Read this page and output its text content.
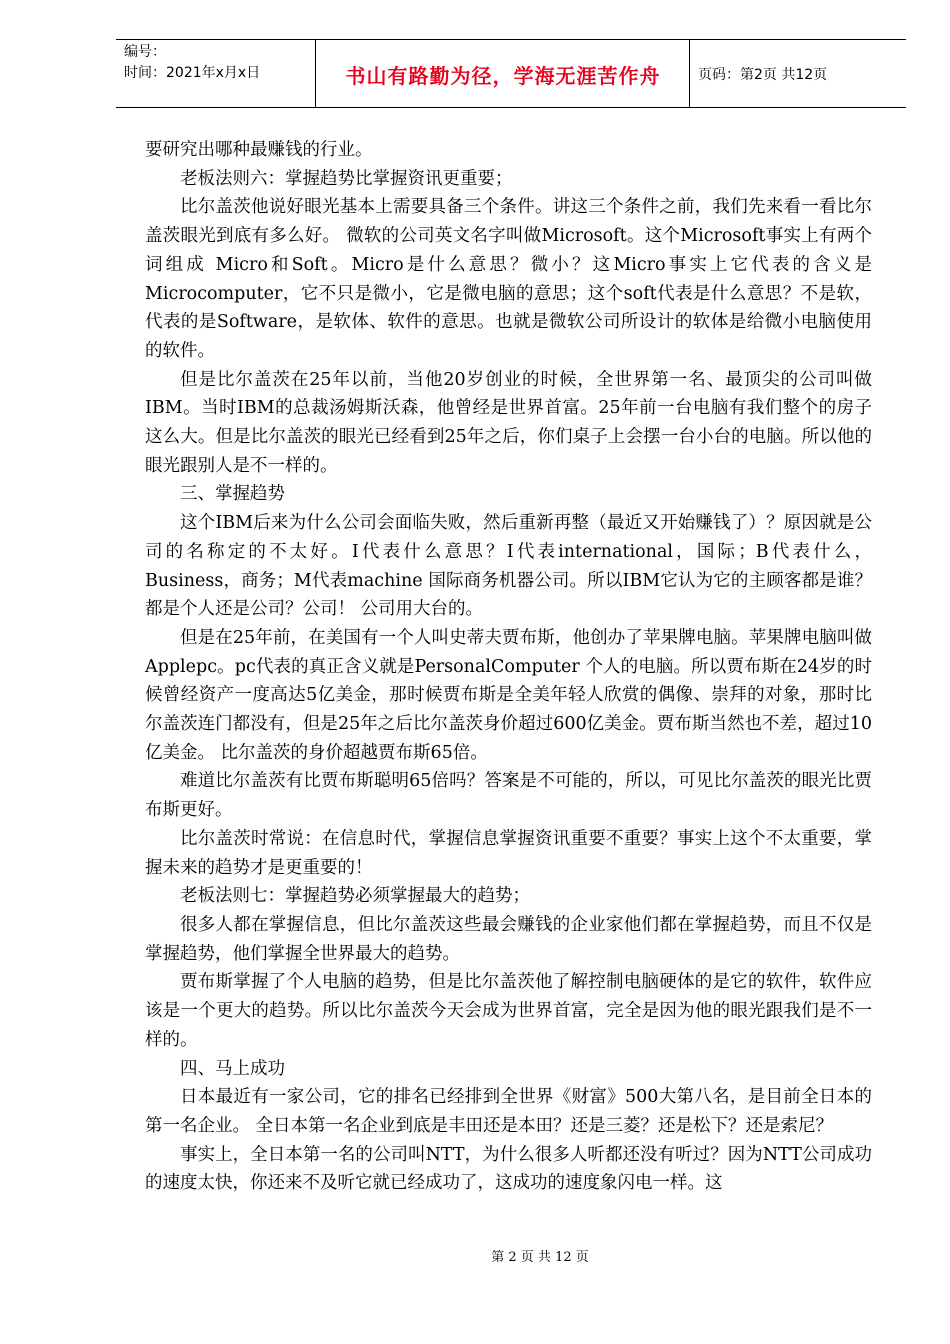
编号：
时间：2021年x月x日	书山有路勤为径，学海无涯苦作舟	页码：第2页 共12页

要研究出哪种最赚钱的行业。

老板法则六：掌握趋势比掌握资讯更重要；

比尔盖茨他说好眼光基本上需要具备三个条件。讲这三个条件之前，我们先来看一看比尔盖茨眼光到底有多么好。 微软的公司英文名字叫做Microsoft。这个Microsoft事实上有两个词组成 Micro和Soft。Micro是什么意思？微小？这Micro事实上它代表的含义是Microcomputer，它不只是微小，它是微电脑的意思；这个soft代表是什么意思？不是软，代表的是Software，是软体、软件的意思。也就是微软公司所设计的软体是给微小电脑使用的软件。

但是比尔盖茨在25年以前，当他20岁创业的时候，全世界第一名、最顶尖的公司叫做IBM。当时IBM的总裁汤姆斯沃森，他曾经是世界首富。25年前一台电脑有我们整个的房子这么大。但是比尔盖茨的眼光已经看到25年之后，你们桌子上会摆一台小台的电脑。所以他的眼光跟别人是不一样的。

三、掌握趋势

这个IBM后来为什么公司会面临失败，然后重新再整（最近又开始赚钱了）？原因就是公司的名称定的不太好。I代表什么意思？I代表international，国际；B代表什么，Business，商务；M代表machine 国际商务机器公司。所以IBM它认为它的主顾客都是谁？都是个人还是公司？公司！ 公司用大台的。

但是在25年前，在美国有一个人叫史蒂夫贾布斯，他创办了苹果牌电脑。苹果牌电脑叫做Applepc。pc代表的真正含义就是PersonalComputer 个人的电脑。所以贾布斯在24岁的时候曾经资产一度高达5亿美金，那时候贾布斯是全美年轻人欣赏的偶像、崇拜的对象，那时比尔盖茨连门都没有，但是25年之后比尔盖茨身价超过600亿美金。贾布斯当然也不差，超过10亿美金。 比尔盖茨的身价超越贾布斯65倍。

难道比尔盖茨有比贾布斯聪明65倍吗？答案是不可能的，所以，可见比尔盖茨的眼光比贾布斯更好。

比尔盖茨时常说：在信息时代，掌握信息掌握资讯重要不重要？事实上这个不太重要，掌握未来的趋势才是更重要的！

老板法则七：掌握趋势必须掌握最大的趋势；

很多人都在掌握信息，但比尔盖茨这些最会赚钱的企业家他们都在掌握趋势，而且不仅是掌握趋势，他们掌握全世界最大的趋势。

贾布斯掌握了个人电脑的趋势，但是比尔盖茨他了解控制电脑硬体的是它的软件，软件应该是一个更大的趋势。所以比尔盖茨今天会成为世界首富，完全是因为他的眼光跟我们是不一样的。

四、马上成功

日本最近有一家公司，它的排名已经排到全世界《财富》500大第八名，是目前全日本的第一名企业。 全日本第一名企业到底是丰田还是本田？还是三菱？还是松下？还是索尼？

事实上，全日本第一名的公司叫NTT，为什么很多人听都还没有听过？因为NTT公司成功的速度太快，你还来不及听它就已经成功了，这成功的速度象闪电一样。这

第 2 页 共 12 页
